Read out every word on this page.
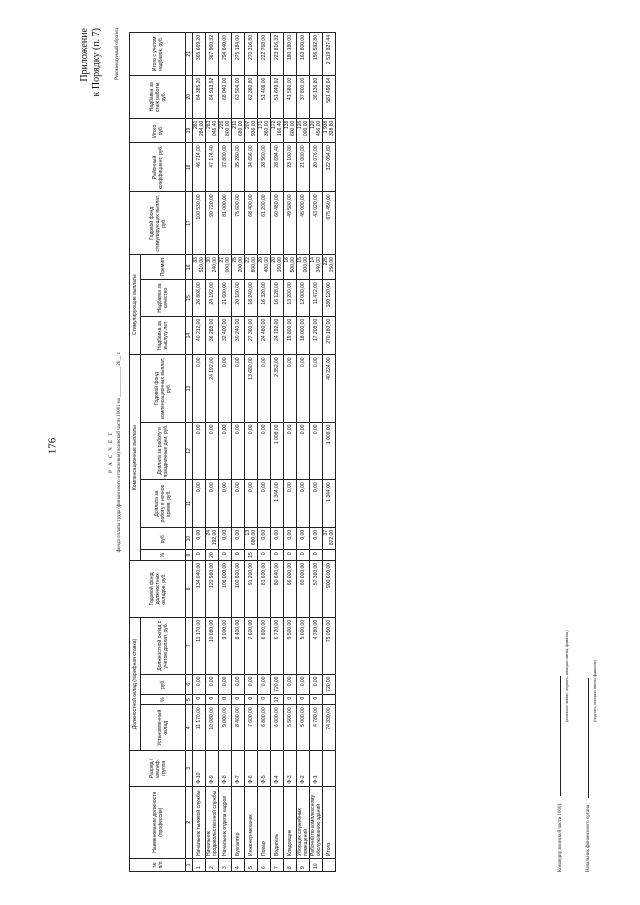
176
Приложение к Порядку (п. 7)	Рекомендуемый образец
Р А С Ч Е Т фонда оплаты труда (финансового отчисления) воинской части 10001 на ____________ 20__ г.
№ п/п	Наименование должности (профессии)	Разряд / квалиф. группа	Должностной оклад (тарифная ставка)				Годовой фонд должностных окладов, руб.	Компенсационные выплаты					Стимулирующие выплаты			Годовой фонд стимулирующих выплат, руб.	Районный коэффициент, руб.	Итого, руб.	Надбавка за стаж работы, руб.	Итого с учетом надбавок, руб.
			Установленный оклад	%	руб.	Должностной оклад с учетом доплат, руб.		%	руб.	Доплата за работу в ночное время, руб.	Доплата за работу в праздничные дни, руб.	Годовой фонд компенсационных выплат, руб.	Надбавка за выслугу лет	Надбавка за качество	Премия					
1	2	3	4	5	6	7	8	9	10	11	12	13	14	15	16	17	18	19	20	21
1	Начальник тыловой службы	Ф-10	11 170,00	0	0,00	11 170,00	134 040,00	0	0,00	0,00	0,00	0,00	40 212,00	26 808,00	33 510,00	100 530,00	46 714,00	281 284,00	84 385,20	365 669,20
2	Начальник продовольственной службы	Ф-9	10 080,00	0	0,00	10 080,00	120 960,00	20	24 192,00	0,00	0,00	24 192,00	36 288,00	24 192,00	30 240,00	90 720,00	47 174,40	283 046,40	84 913,92	367 960,32
3	Начальник отдела кадров	Ф-8	9 000,00	0	0,00	9 000,00	108 000,00	0	0,00	0,00	0,00	0,00	32 400,00	21 600,00	27 000,00	81 000,00	37 800,00	226 800,00	68 040,00	294 840,00
4	Бухгалтер	Ф-7	8 400,00	0	0,00	8 400,00	100 800,00	0	0,00	0,00	0,00	0,00	30 240,00	20 160,00	25 200,00	75 600,00	35 280,00	211 680,00	63 504,00	275 184,00
5	Инженер-механик	Ф-6	7 600,00	0	0,00	7 600,00	91 200,00	15	13 680,00	0,00	0,00	13 680,00	27 360,00	18 240,00	22 800,00	68 400,00	34 656,00	207 936,00	62 380,80	270 316,80
6	Повар	Ф-5	6 800,00	0	0,00	6 800,00	81 600,00	0	0,00	0,00	0,00	0,00	24 480,00	16 320,00	20 400,00	61 200,00	28 560,00	171 360,00	51 408,00	222 768,00
7	Водитель	Ф-4	6 000,00	12	720,00	6 720,00	80 640,00	0	0,00	1 344,00	1 008,00	2 352,00	24 192,00	16 128,00	20 160,00	60 480,00	28 694,40	172 166,40	51 649,92	223 816,32
8	Кладовщик	Ф-3	5 500,00	0	0,00	5 500,00	66 000,00	0	0,00	0,00	0,00	0,00	19 800,00	13 200,00	16 500,00	49 500,00	23 100,00	138 600,00	41 580,00	180 180,00
9	Уборщик служебных помещений	Ф-2	5 000,00	0	0,00	5 000,00	60 000,00	0	0,00	0,00	0,00	0,00	18 000,00	12 000,00	15 000,00	45 000,00	21 000,00	126 000,00	37 800,00	163 800,00
10	Рабочий по комплексному обслуживанию зданий	Ф-1	4 780,00	0	0,00	4 780,00	57 360,00	0	0,00	0,00	0,00	0,00	17 208,00	11 472,00	14 340,00	43 020,00	20 076,00	120 456,00	36 136,80	156 592,80
	Итого		74 330,00		720,00	75 050,00	900 600,00		37 872,00	1 344,00	1 008,00	40 224,00	270 180,00	180 120,00	225 150,00	675 450,00	322 054,80	1 938 328,80	581 498,64	2 519 827,44
Командир воинской части 10001
(воинское звание, подпись, инициал имени, фамилия)
Начальник финансового органа
(подпись, инициал имени, фамилия)
